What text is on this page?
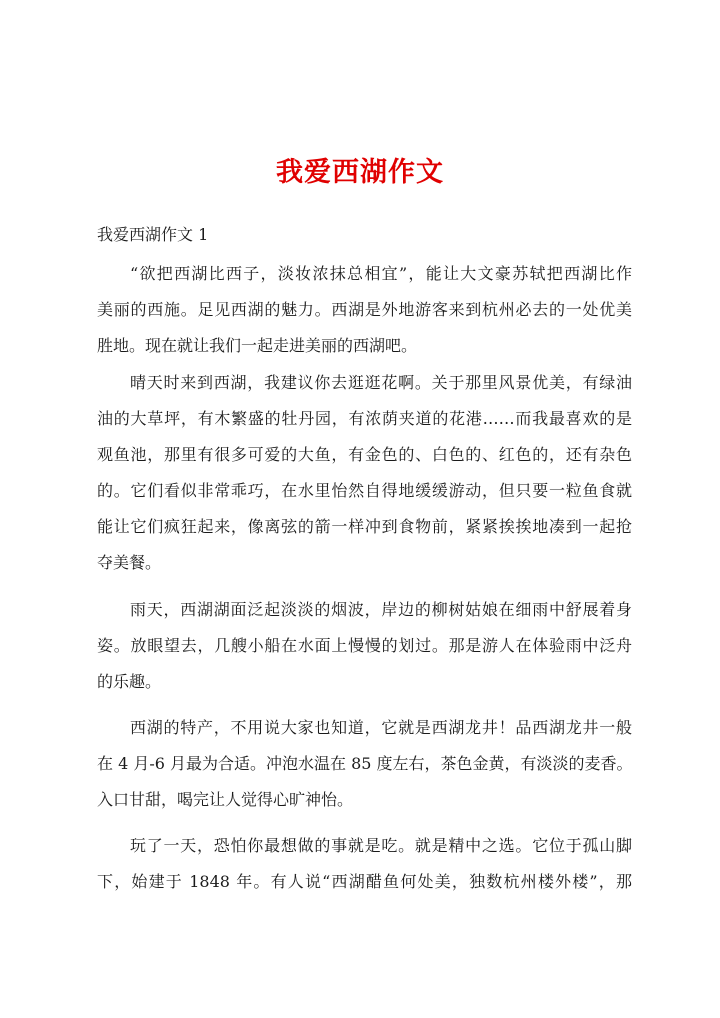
我爱西湖作文

我爱西湖作文 1

“欲把西湖比西子，淡妆浓抹总相宜”，能让大文豪苏轼把西湖比作

美丽的西施。足见西湖的魅力。西湖是外地游客来到杭州必去的一处优美

胜地。现在就让我们一起走进美丽的西湖吧。

晴天时来到西湖，我建议你去逛逛花啊。关于那里风景优美，有绿油

油的大草坪，有木繁盛的牡丹园，有浓荫夹道的花港……而我最喜欢的是

观鱼池，那里有很多可爱的大鱼，有金色的、白色的、红色的，还有杂色

的。它们看似非常乖巧，在水里怡然自得地缓缓游动，但只要一粒鱼食就

能让它们疯狂起来，像离弦的箭一样冲到食物前，紧紧挨挨地凑到一起抢

夺美餐。

雨天，西湖湖面泛起淡淡的烟波，岸边的柳树姑娘在细雨中舒展着身

姿。放眼望去，几艘小船在水面上慢慢的划过。那是游人在体验雨中泛舟

的乐趣。

西湖的特产，不用说大家也知道，它就是西湖龙井！品西湖龙井一般

在 4 月-6 月最为合适。冲泡水温在 85 度左右，茶色金黄，有淡淡的麦香。

入口甘甜，喝完让人觉得心旷神怡。

玩了一天，恐怕你最想做的事就是吃。就是精中之选。它位于孤山脚

下，始建于 1848 年。有人说“西湖醋鱼何处美，独数杭州楼外楼”，那
